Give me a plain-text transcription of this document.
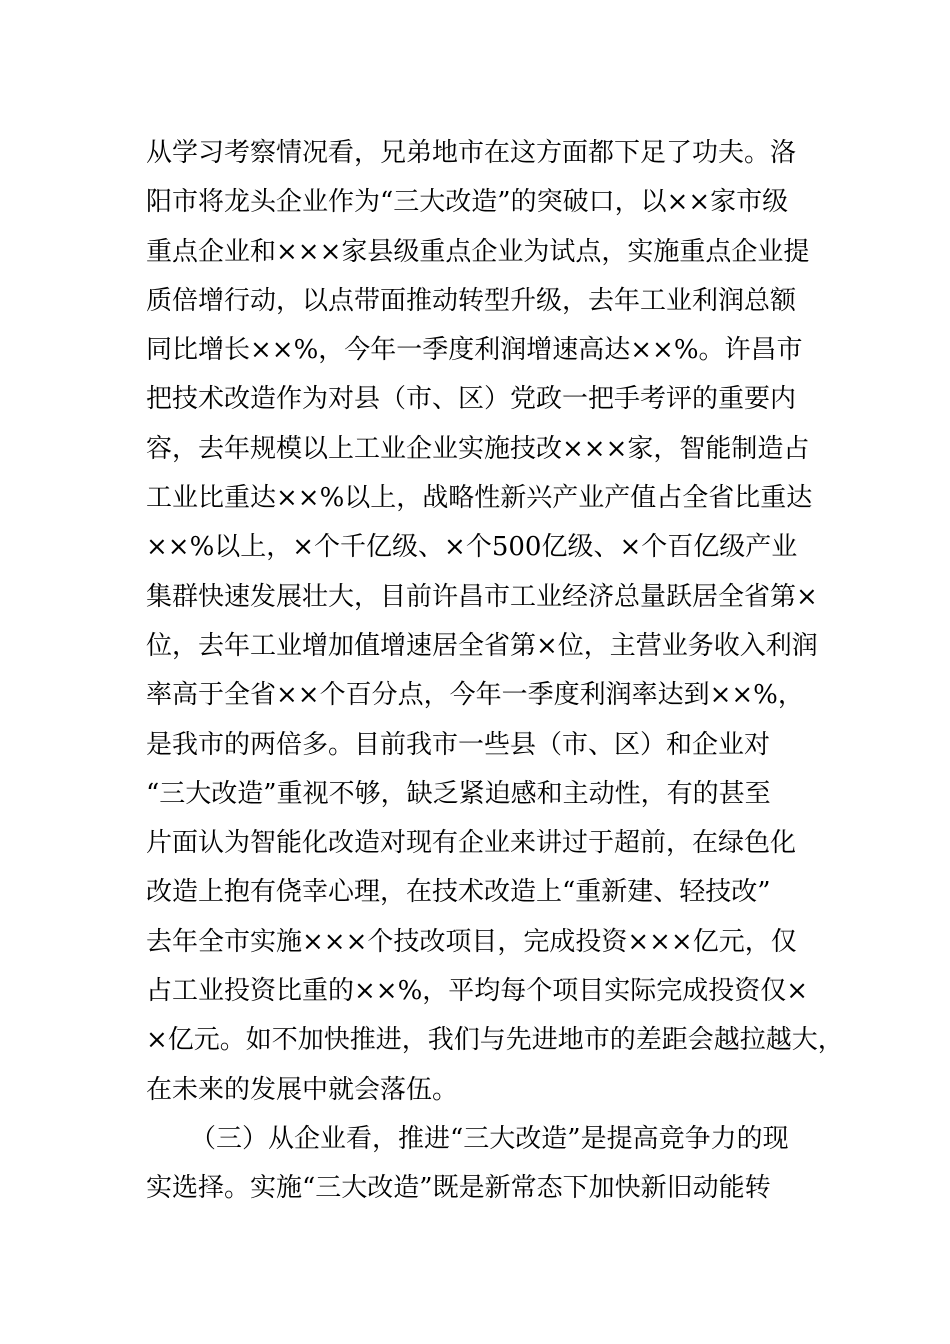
从学习考察情况看，兄弟地市在这方面都下足了功夫。洛
阳市将龙头企业作为“三大改造”的突破口，以××家市级
重点企业和×××家县级重点企业为试点，实施重点企业提
质倍增行动，以点带面推动转型升级，去年工业利润总额
同比增长××%，今年一季度利润增速高达××%。许昌市
把技术改造作为对县（市、区）党政一把手考评的重要内
容，去年规模以上工业企业实施技改×××家，智能制造占
工业比重达××%以上，战略性新兴产业产值占全省比重达
××%以上，×个千亿级、×个500亿级、×个百亿级产业
集群快速发展壮大，目前许昌市工业经济总量跃居全省第×
位，去年工业增加值增速居全省第×位，主营业务收入利润
率高于全省××个百分点，今年一季度利润率达到××%，
是我市的两倍多。目前我市一些县（市、区）和企业对
“三大改造”重视不够，缺乏紧迫感和主动性，有的甚至
片面认为智能化改造对现有企业来讲过于超前，在绿色化
改造上抱有侥幸心理，在技术改造上“重新建、轻技改”
去年全市实施×××个技改项目，完成投资×××亿元，仅
占工业投资比重的××%，平均每个项目实际完成投资仅×
×亿元。如不加快推进，我们与先进地市的差距会越拉越大，
在未来的发展中就会落伍。
（三）从企业看，推进“三大改造”是提高竞争力的现
实选择。实施“三大改造”既是新常态下加快新旧动能转
